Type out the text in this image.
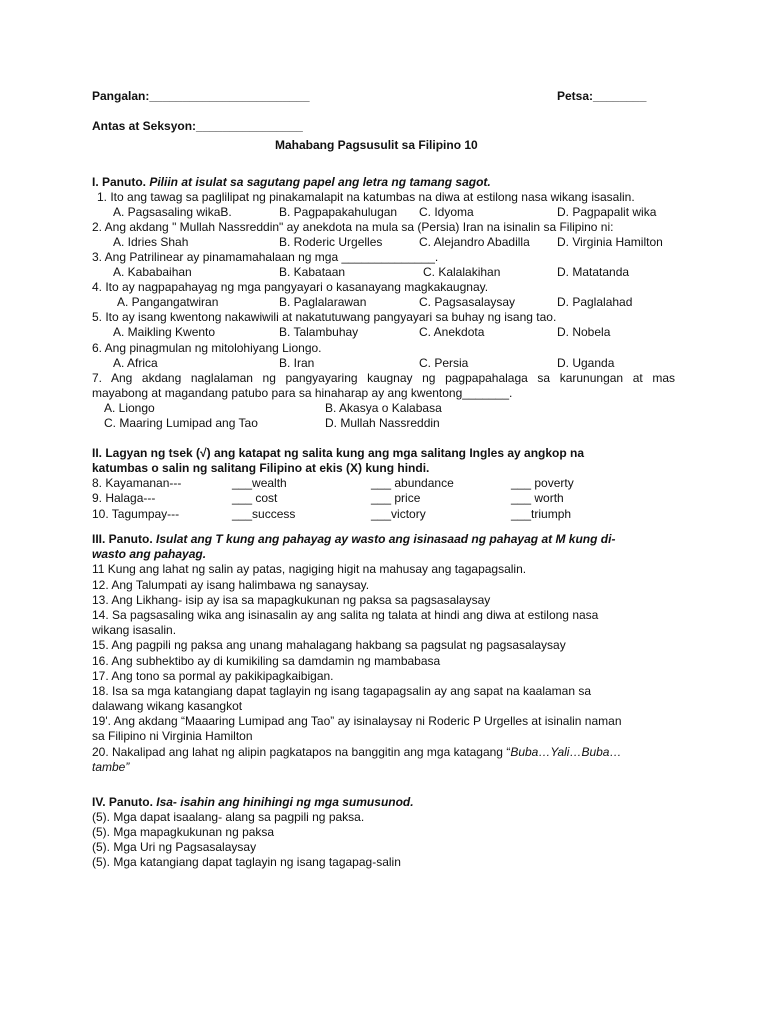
Pangalan:________________________	Petsa:________
Antas at Seksyon:________________
Mahabang Pagsusulit sa Filipino 10
I. Panuto. Piliin at isulat sa sagutang papel ang letra ng tamang sagot.
1. Ito ang tawag sa paglilipat ng pinakamalapit na katumbas na diwa at estilong nasa wikang isasalin.
A. Pagsasaling wikaB.	B. Pagpapakahulugan C. Idyoma	D. Pagpapalit wika
2. Ang akdang " Mullah Nassreddin" ay anekdota na mula sa (Persia) Iran na isinalin sa Filipino ni:
A. Idries Shah	B. Roderic Urgelles	C. Alejandro Abadilla D. Virginia Hamilton
3. Ang Patrilinear ay pinamamahalaan ng mga ______________.
A. Kababaihan	B. Kabataan	C. Kalalakihan	D. Matatanda
4. Ito ay nagpapahayag ng mga pangyayari o kasanayang magkakaugnay.
A. Pangangatwiran	B. Paglalarawan	C. Pagsasalaysay	D. Paglalahad
5. Ito ay isang kwentong nakawiwili at nakatutuwang pangyayari sa buhay ng isang tao.
A. Maikling Kwento	B. Talambuhay	C. Anekdota	D. Nobela
6. Ang pinagmulan ng mitolohiyang Liongo.
A. Africa	B. Iran	C. Persia	D. Uganda
7. Ang akdang naglalaman ng pangyayaring kaugnay ng pagpapahalaga sa karunungan at mas
mayabong at magandang patubo para sa hinaharap ay ang kwentong_______.
A. Liongo	B. Akasya o Kalabasa
C. Maaring Lumipad ang Tao	D. Mullah Nassreddin
II. Lagyan ng tsek (√) ang katapat ng salita kung ang mga salitang Ingles ay angkop na
katumbas o salin ng salitang Filipino at ekis (X) kung hindi.
8. Kayamanan---	___wealth	___ abundance	___ poverty
9. Halaga---	___ cost	___ price	___ worth
10. Tagumpay---	___success	___victory	___triumph
III. Panuto. Isulat ang T kung ang pahayag ay wasto ang isinasaad ng pahayag at M kung di-
wasto ang pahayag.
11 Kung ang lahat ng salin ay patas, nagiging higit na mahusay ang tagapagsalin.
12. Ang Talumpati ay isang halimbawa ng sanaysay.
13. Ang Likhang- isip ay isa sa mapagkukunan ng paksa sa pagsasalaysay
14. Sa pagsasaling wika ang isinasalin ay ang salita ng talata at hindi ang diwa at estilong nasa
wikang isasalin.
15. Ang pagpili ng paksa ang unang mahalagang hakbang sa pagsulat ng pagsasalaysay
16. Ang subhektibo ay di kumikiling sa damdamin ng mambabasa
17. Ang tono sa pormal ay pakikipagkaibigan.
18. Isa sa mga katangiang dapat taglayin ng isang tagapagsalin ay ang sapat na kaalaman sa
dalawang wikang kasangkot
19'. Ang akdang “Maaaring Lumipad ang Tao” ay isinalaysay ni Roderic P Urgelles at isinalin naman
sa Filipino ni Virginia Hamilton
20. Nakalipad ang lahat ng alipin pagkatapos na banggitin ang mga katagang “Buba…Yali…Buba…
tambe”
IV. Panuto. Isa- isahin ang hinihingi ng mga sumusunod.
(5). Mga dapat isaalang- alang sa pagpili ng paksa.
(5). Mga mapagkukunan ng paksa
(5). Mga Uri ng Pagsasalaysay
(5). Mga katangiang dapat taglayin ng isang tagapag-salin
